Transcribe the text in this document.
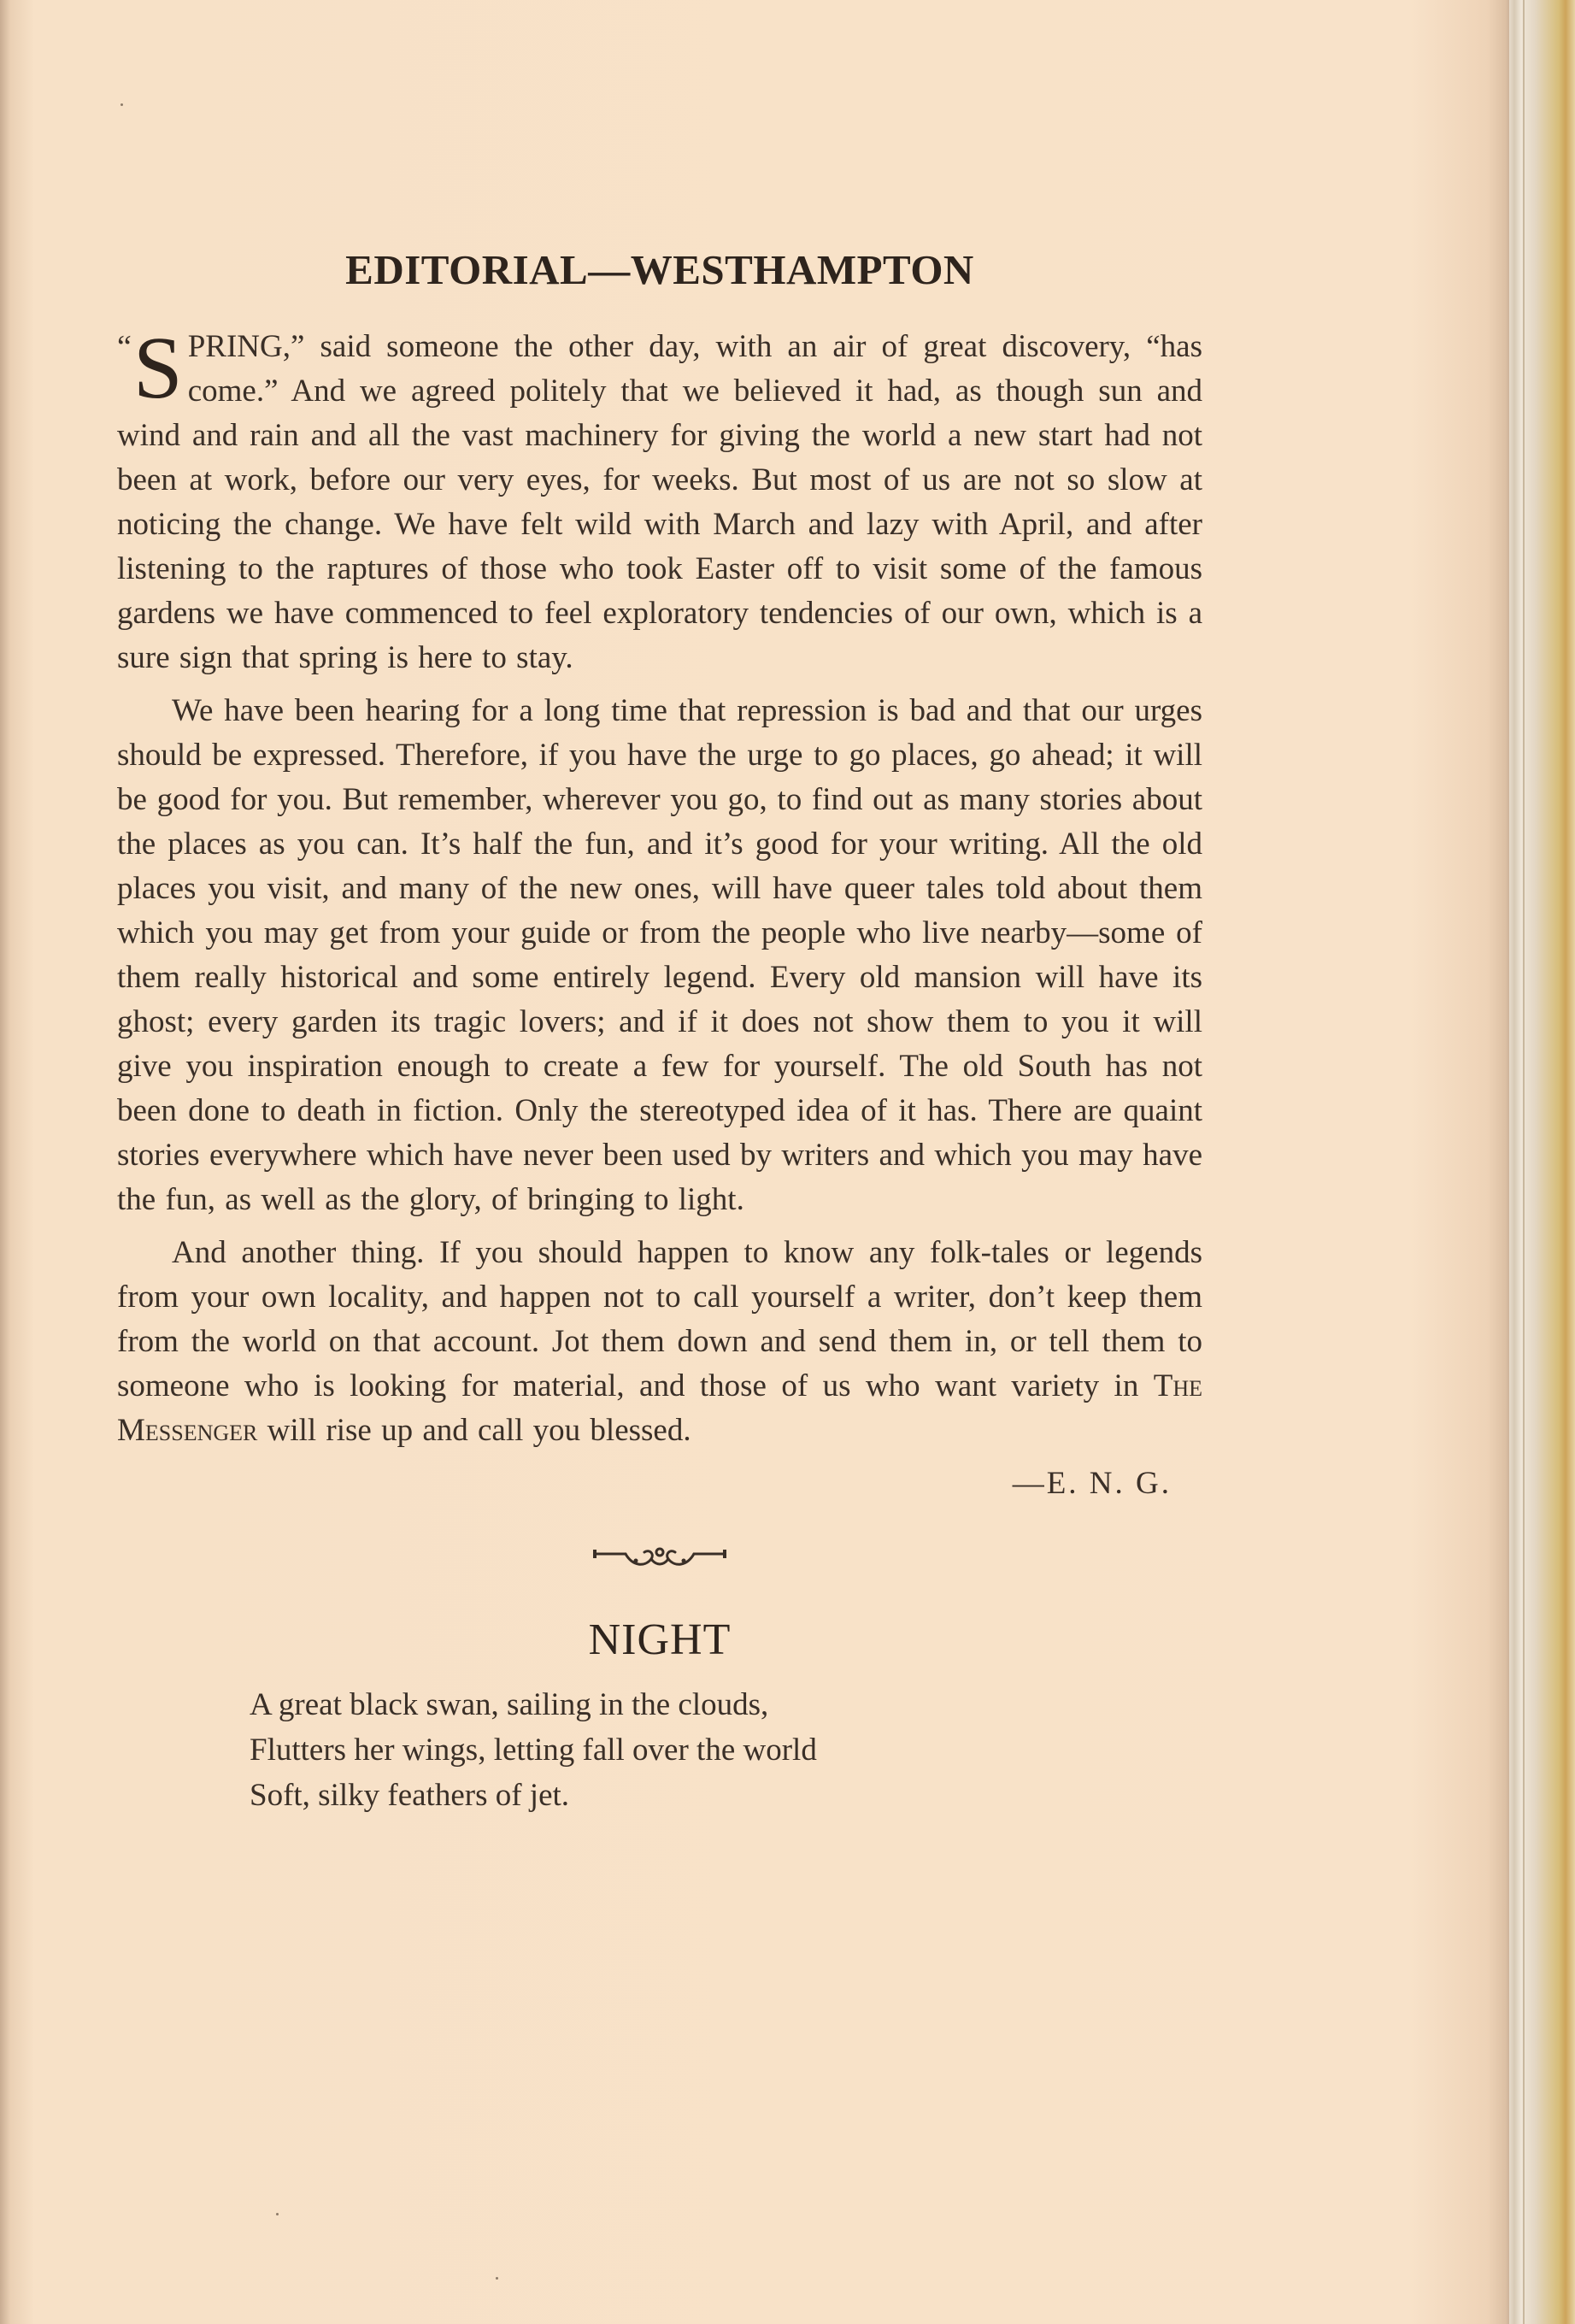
EDITORIAL—WESTHAMPTON

“ S PRING,” said someone the other day, with an air of great discovery, “has come.” And we agreed politely that we believed it had, as though sun and wind and rain and all the vast machinery for giving the world a new start had not been at work, before our very eyes, for weeks. But most of us are not so slow at noticing the change. We have felt wild with March and lazy with April, and after listening to the raptures of those who took Easter off to visit some of the famous gardens we have commenced to feel exploratory tendencies of our own, which is a sure sign that spring is here to stay.

We have been hearing for a long time that repression is bad and that our urges should be expressed. Therefore, if you have the urge to go places, go ahead; it will be good for you. But remember, wherever you go, to find out as many stories about the places as you can. It’s half the fun, and it’s good for your writing. All the old places you visit, and many of the new ones, will have queer tales told about them which you may get from your guide or from the people who live nearby—some of them really historical and some entirely legend. Every old mansion will have its ghost; every garden its tragic lovers; and if it does not show them to you it will give you inspiration enough to create a few for yourself. The old South has not been done to death in fiction. Only the stereotyped idea of it has. There are quaint stories everywhere which have never been used by writers and which you may have the fun, as well as the glory, of bringing to light.

And another thing. If you should happen to know any folk-tales or legends from your own locality, and happen not to call yourself a writer, don’t keep them from the world on that account. Jot them down and send them in, or tell them to someone who is looking for material, and those of us who want variety in The Messenger will rise up and call you blessed.

—E. N. G.
NIGHT
A great black swan, sailing in the clouds,
Flutters her wings, letting fall over the world
Soft, silky feathers of jet.
